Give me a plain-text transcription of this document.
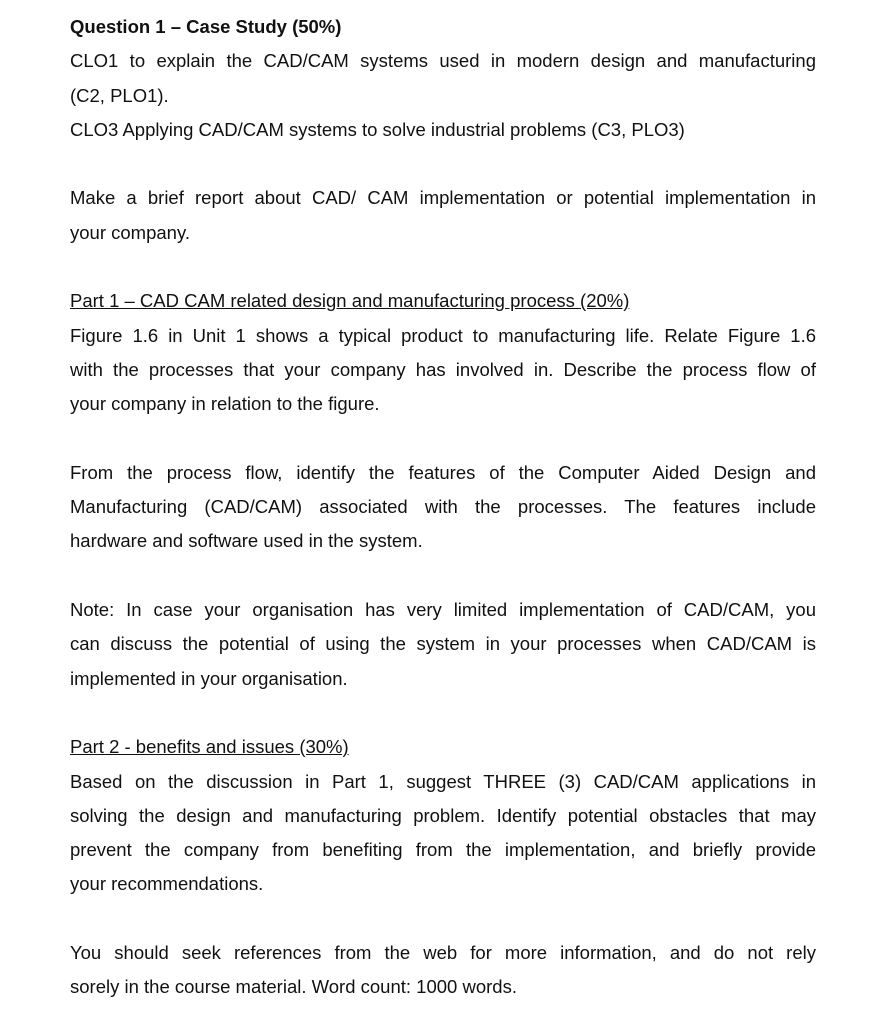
Question 1 – Case Study (50%)

CLO1 to explain the CAD/CAM systems used in modern design and manufacturing

(C2, PLO1).

CLO3 Applying CAD/CAM systems to solve industrial problems (C3, PLO3)

Make a brief report about CAD/ CAM implementation or potential implementation in

your company.

Part 1 – CAD CAM related design and manufacturing process (20%)

Figure 1.6 in Unit 1 shows a typical product to manufacturing life. Relate Figure 1.6

with the processes that your company has involved in. Describe the process flow of

your company in relation to the figure.

From the process flow, identify the features of the Computer Aided Design and

Manufacturing (CAD/CAM) associated with the processes. The features include

hardware and software used in the system.

Note: In case your organisation has very limited implementation of CAD/CAM, you

can discuss the potential of using the system in your processes when CAD/CAM is

implemented in your organisation.

Part 2 - benefits and issues (30%)

Based on the discussion in Part 1, suggest THREE (3) CAD/CAM applications in

solving the design and manufacturing problem. Identify potential obstacles that may

prevent the company from benefiting from the implementation, and briefly provide

your recommendations.

You should seek references from the web for more information, and do not rely

sorely in the course material. Word count: 1000 words.
